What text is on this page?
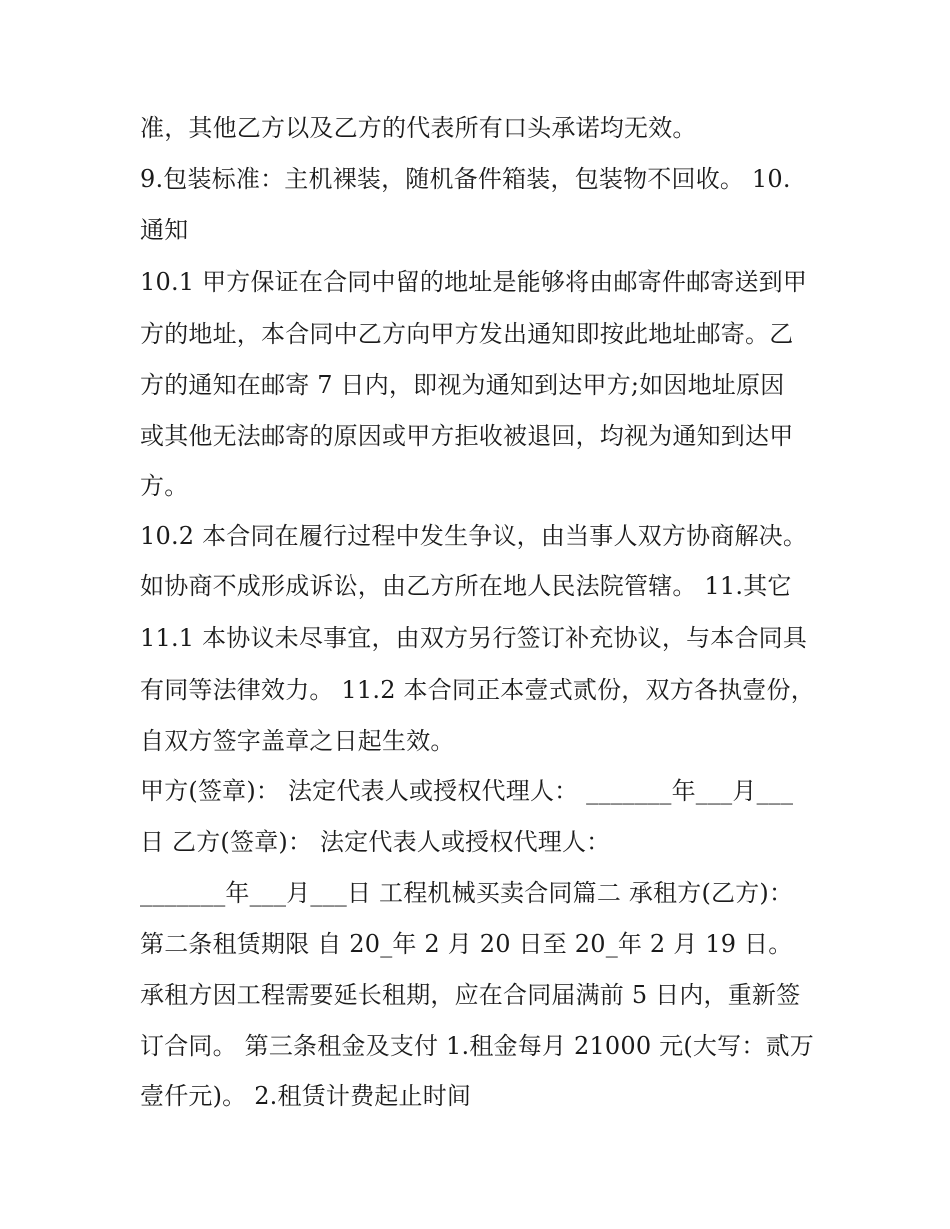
准，其他乙方以及乙方的代表所有口头承诺均无效。
9.包装标准：主机裸装，随机备件箱装，包装物不回收。 10.
通知
10.1 甲方保证在合同中留的地址是能够将由邮寄件邮寄送到甲
方的地址，本合同中乙方向甲方发出通知即按此地址邮寄。乙
方的通知在邮寄 7 日内，即视为通知到达甲方;如因地址原因
或其他无法邮寄的原因或甲方拒收被退回，均视为通知到达甲
方。
10.2 本合同在履行过程中发生争议，由当事人双方协商解决。
如协商不成形成诉讼，由乙方所在地人民法院管辖。 11.其它
11.1 本协议未尽事宜，由双方另行签订补充协议，与本合同具
有同等法律效力。 11.2 本合同正本壹式贰份，双方各执壹份，
自双方签字盖章之日起生效。
甲方(签章)： 法定代表人或授权代理人： _______年___月___
日 乙方(签章)： 法定代表人或授权代理人：
_______年___月___日 工程机械买卖合同篇二 承租方(乙方)：
第二条租赁期限 自 20_年 2 月 20 日至 20_年 2 月 19 日。
承租方因工程需要延长租期，应在合同届满前 5 日内，重新签
订合同。 第三条租金及支付 1.租金每月 21000 元(大写：贰万
壹仟元)。 2.租赁计费起止时间
